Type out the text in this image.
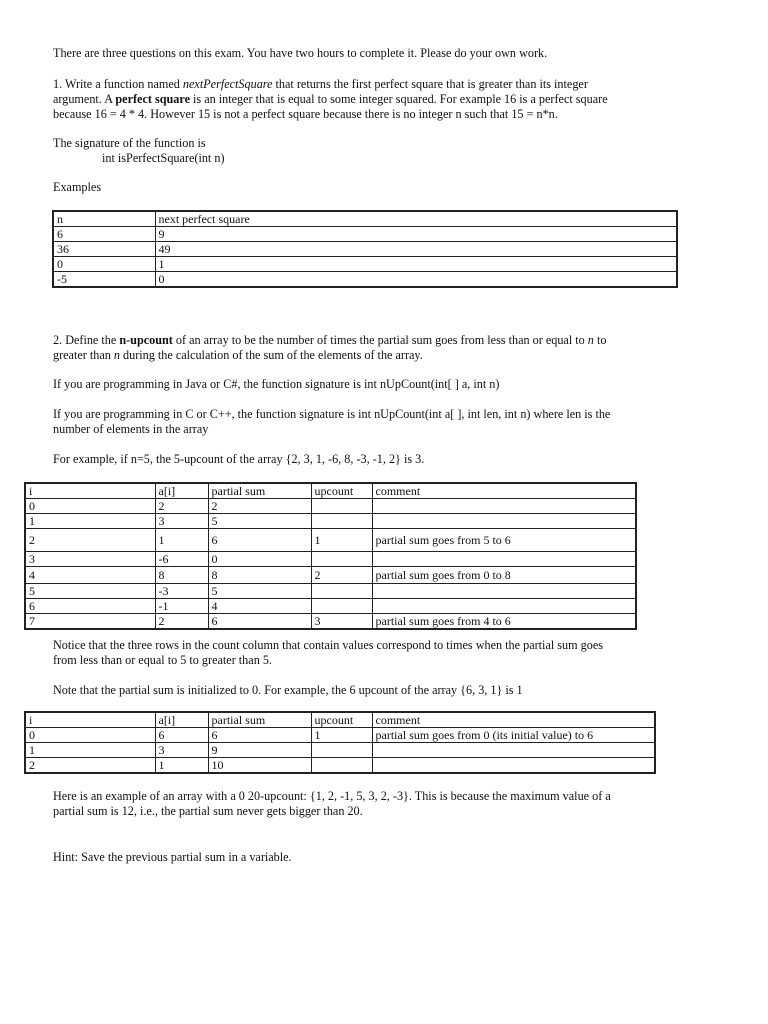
There are three questions on this exam. You have two hours to complete it. Please do your own work.

1. Write a function named nextPerfectSquare that returns the first perfect square that is greater than its integer
argument. A perfect square is an integer that is equal to some integer squared. For example 16 is a perfect square
because 16 = 4 * 4. However 15 is not a perfect square because there is no integer n such that 15 = n*n.

The signature of the function is
int isPerfectSquare(int n)

Examples

n	next perfect square
6	9
36	49
0	1
-5	0

2. Define the n-upcount of an array to be the number of times the partial sum goes from less than or equal to n to
greater than n during the calculation of the sum of the elements of the array.

If you are programming in Java or C#, the function signature is int nUpCount(int[ ] a, int n)

If you are programming in C or C++, the function signature is int nUpCount(int a[ ], int len, int n) where len is the
number of elements in the array

For example, if n=5, the 5-upcount of the array {2, 3, 1, -6, 8, -3, -1, 2} is 3.

i	a[i]	partial sum	upcount	comment
0	2	2		
1	3	5		
2	1	6	1	partial sum goes from 5 to 6
3	-6	0		
4	8	8	2	partial sum goes from 0 to 8
5	-3	5		
6	-1	4		
7	2	6	3	partial sum goes from 4 to 6

Notice that the three rows in the count column that contain values correspond to times when the partial sum goes
from less than or equal to 5 to greater than 5.

Note that the partial sum is initialized to 0. For example, the 6 upcount of the array {6, 3, 1} is 1

i	a[i]	partial sum	upcount	comment
0	6	6	1	partial sum goes from 0 (its initial value) to 6
1	3	9		
2	1	10		

Here is an example of an array with a 0 20-upcount: {1, 2, -1, 5, 3, 2, -3}. This is because the maximum value of a
partial sum is 12, i.e., the partial sum never gets bigger than 20.

Hint: Save the previous partial sum in a variable.
